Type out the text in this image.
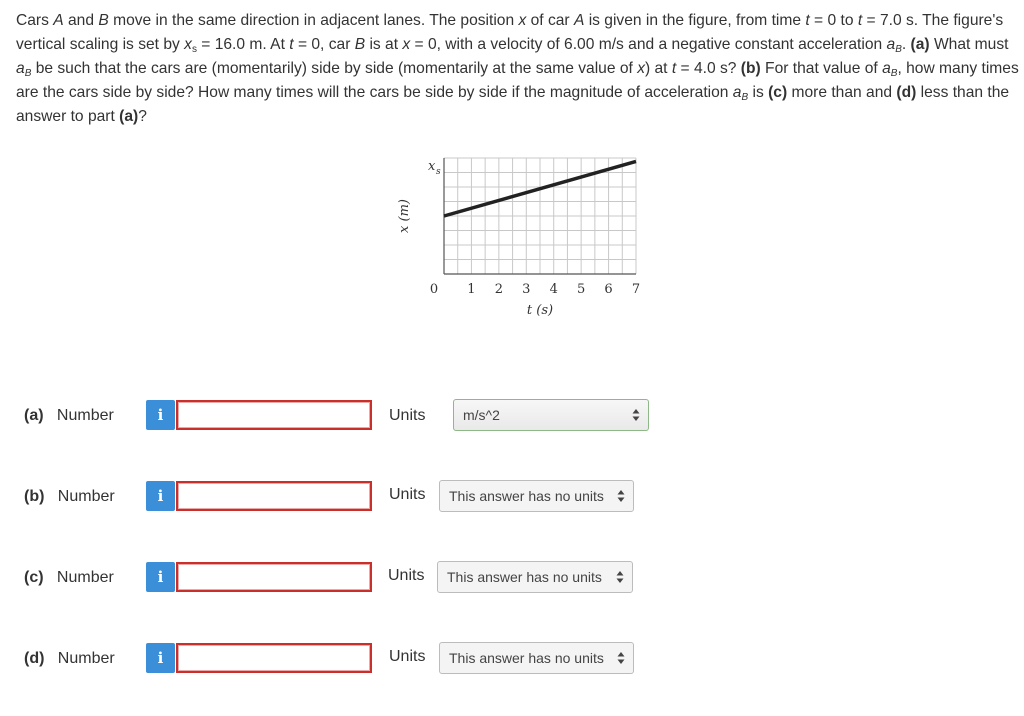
Cars A and B move in the same direction in adjacent lanes. The position x of car A is given in the figure, from time t = 0 to t = 7.0 s. The figure's vertical scaling is set by $x_s = 16.0$ m. At t = 0, car B is at x = 0, with a velocity of 6.00 m/s and a negative constant acceleration $a_B$. (a) What must $a_B$ be such that the cars are (momentarily) side by side (momentarily at the same value of x) at t = 4.0 s? (b) For that value of $a_B$, how many times are the cars side by side? How many times will the cars be side by side if the magnitude of acceleration $a_B$ is (c) more than and (d) less than the answer to part (a)?
0 1 2 3 4 5 6 7
t (s)
x (m)
x s
(a) Number	i	Units	m/s^2
(b) Number	i	Units	This answer has no units
(c) Number	i	Units	This answer has no units
(d) Number	i	Units	This answer has no units
